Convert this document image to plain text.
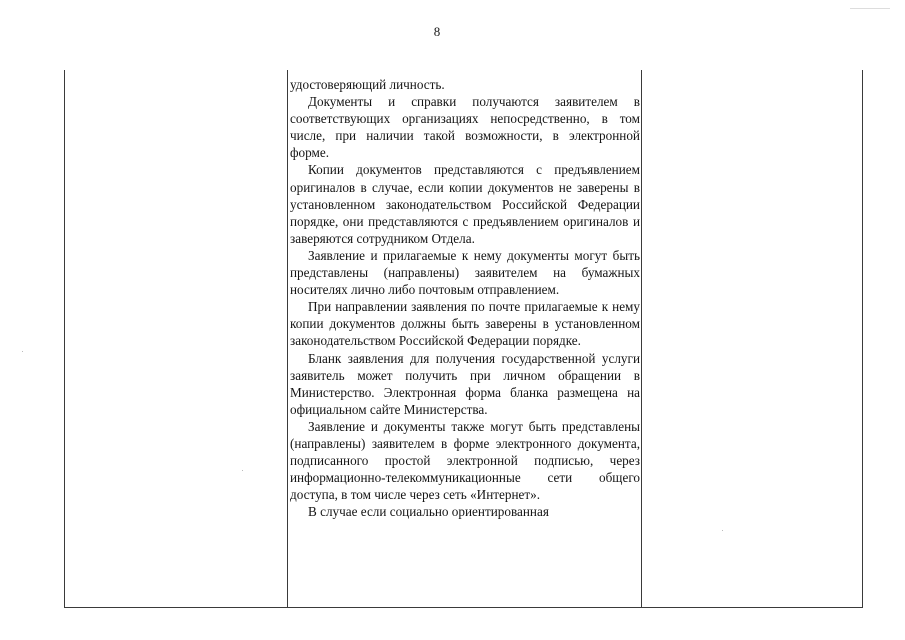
8

удостоверяющий личность.

Документы и справки получаются заявителем в соответствующих организациях непосредственно, в том числе, при наличии такой возможности, в электронной форме.

Копии документов представляются с предъявлением оригиналов в случае, если копии документов не заверены в установленном законодательством Российской Федерации порядке, они представляются с предъявлением оригиналов и заверяются сотрудником Отдела.

Заявление и прилагаемые к нему документы могут быть представлены (направлены) заявителем на бумажных носителях лично либо почтовым отправлением.

При направлении заявления по почте прилагаемые к нему копии документов должны быть заверены в установленном законодательством Российской Федерации порядке.

Бланк заявления для получения государственной услуги заявитель может получить при личном обращении в Министерство. Электронная форма бланка размещена на официальном сайте Министерства.

Заявление и документы также могут быть представлены (направлены) заявителем в форме электронного документа, подписанного простой электронной подписью, через информационно-телекоммуникационные сети общего доступа, в том числе через сеть «Интернет».

В случае если социально ориентированная
